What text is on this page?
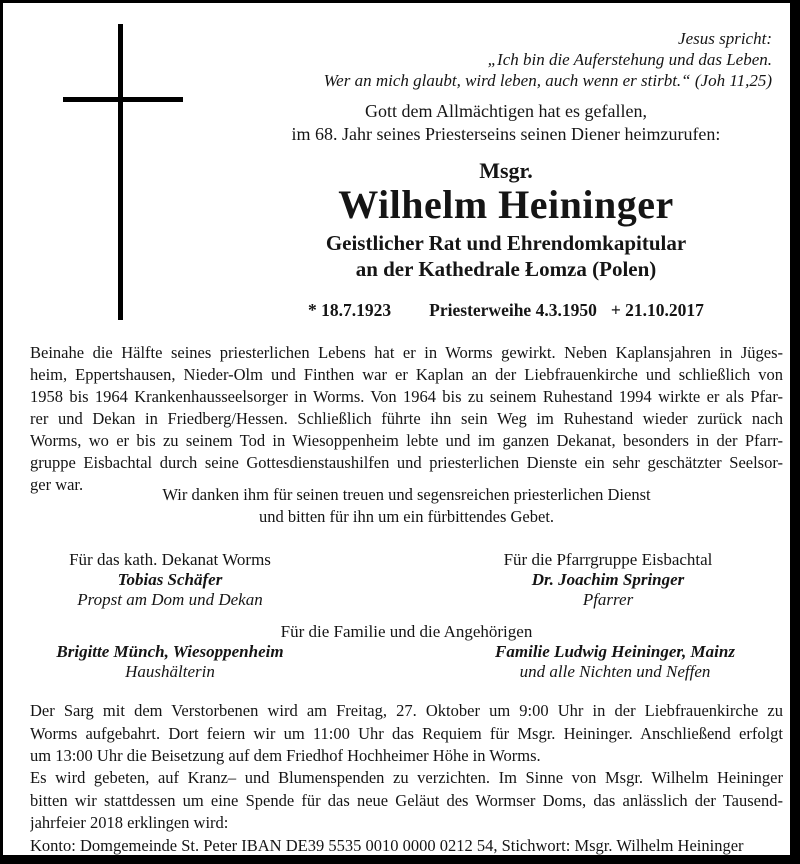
Jesus spricht:
„Ich bin die Auferstehung und das Leben.
Wer an mich glaubt, wird leben, auch wenn er stirbt.“ (Joh 11,25)
Gott dem Allmächtigen hat es gefallen,
im 68. Jahr seines Priesterseins seinen Diener heimzurufen:
Msgr.
Wilhelm Heininger
Geistlicher Rat und Ehrendomkapitular
an der Kathedrale Łomza (Polen)
* 18.7.1923 Priesterweihe 4.3.1950 + 21.10.2017
Beinahe die Hälfte seines priesterlichen Lebens hat er in Worms gewirkt. Neben Kaplansjahren in Jüges-
heim, Eppertshausen, Nieder-Olm und Finthen war er Kaplan an der Liebfrauenkirche und schließlich von
1958 bis 1964 Krankenhausseelsorger in Worms. Von 1964 bis zu seinem Ruhestand 1994 wirkte er als Pfar-
rer und Dekan in Friedberg/Hessen. Schließlich führte ihn sein Weg im Ruhestand wieder zurück nach
Worms, wo er bis zu seinem Tod in Wiesoppenheim lebte und im ganzen Dekanat, besonders in der Pfarr-
gruppe Eisbachtal durch seine Gottesdienstaushilfen und priesterlichen Dienste ein sehr geschätzter Seelsor-
ger war.
Wir danken ihm für seinen treuen und segensreichen priesterlichen Dienst
und bitten für ihn um ein fürbittendes Gebet.
Für das kath. Dekanat Worms
Tobias Schäfer
Propst am Dom und Dekan
Für die Pfarrgruppe Eisbachtal
Dr. Joachim Springer
Pfarrer
Für die Familie und die Angehörigen
Brigitte Münch, Wiesoppenheim
Haushälterin
Familie Ludwig Heininger, Mainz
und alle Nichten und Neffen
Der Sarg mit dem Verstorbenen wird am Freitag, 27. Oktober um 9:00 Uhr in der Liebfrauenkirche zu
Worms aufgebahrt. Dort feiern wir um 11:00 Uhr das Requiem für Msgr. Heininger. Anschließend erfolgt
um 13:00 Uhr die Beisetzung auf dem Friedhof Hochheimer Höhe in Worms.
Es wird gebeten, auf Kranz– und Blumenspenden zu verzichten. Im Sinne von Msgr. Wilhelm Heininger
bitten wir stattdessen um eine Spende für das neue Geläut des Wormser Doms, das anlässlich der Tausend-
jahrfeier 2018 erklingen wird:
Konto: Domgemeinde St. Peter IBAN DE39 5535 0010 0000 0212 54, Stichwort: Msgr. Wilhelm Heininger
